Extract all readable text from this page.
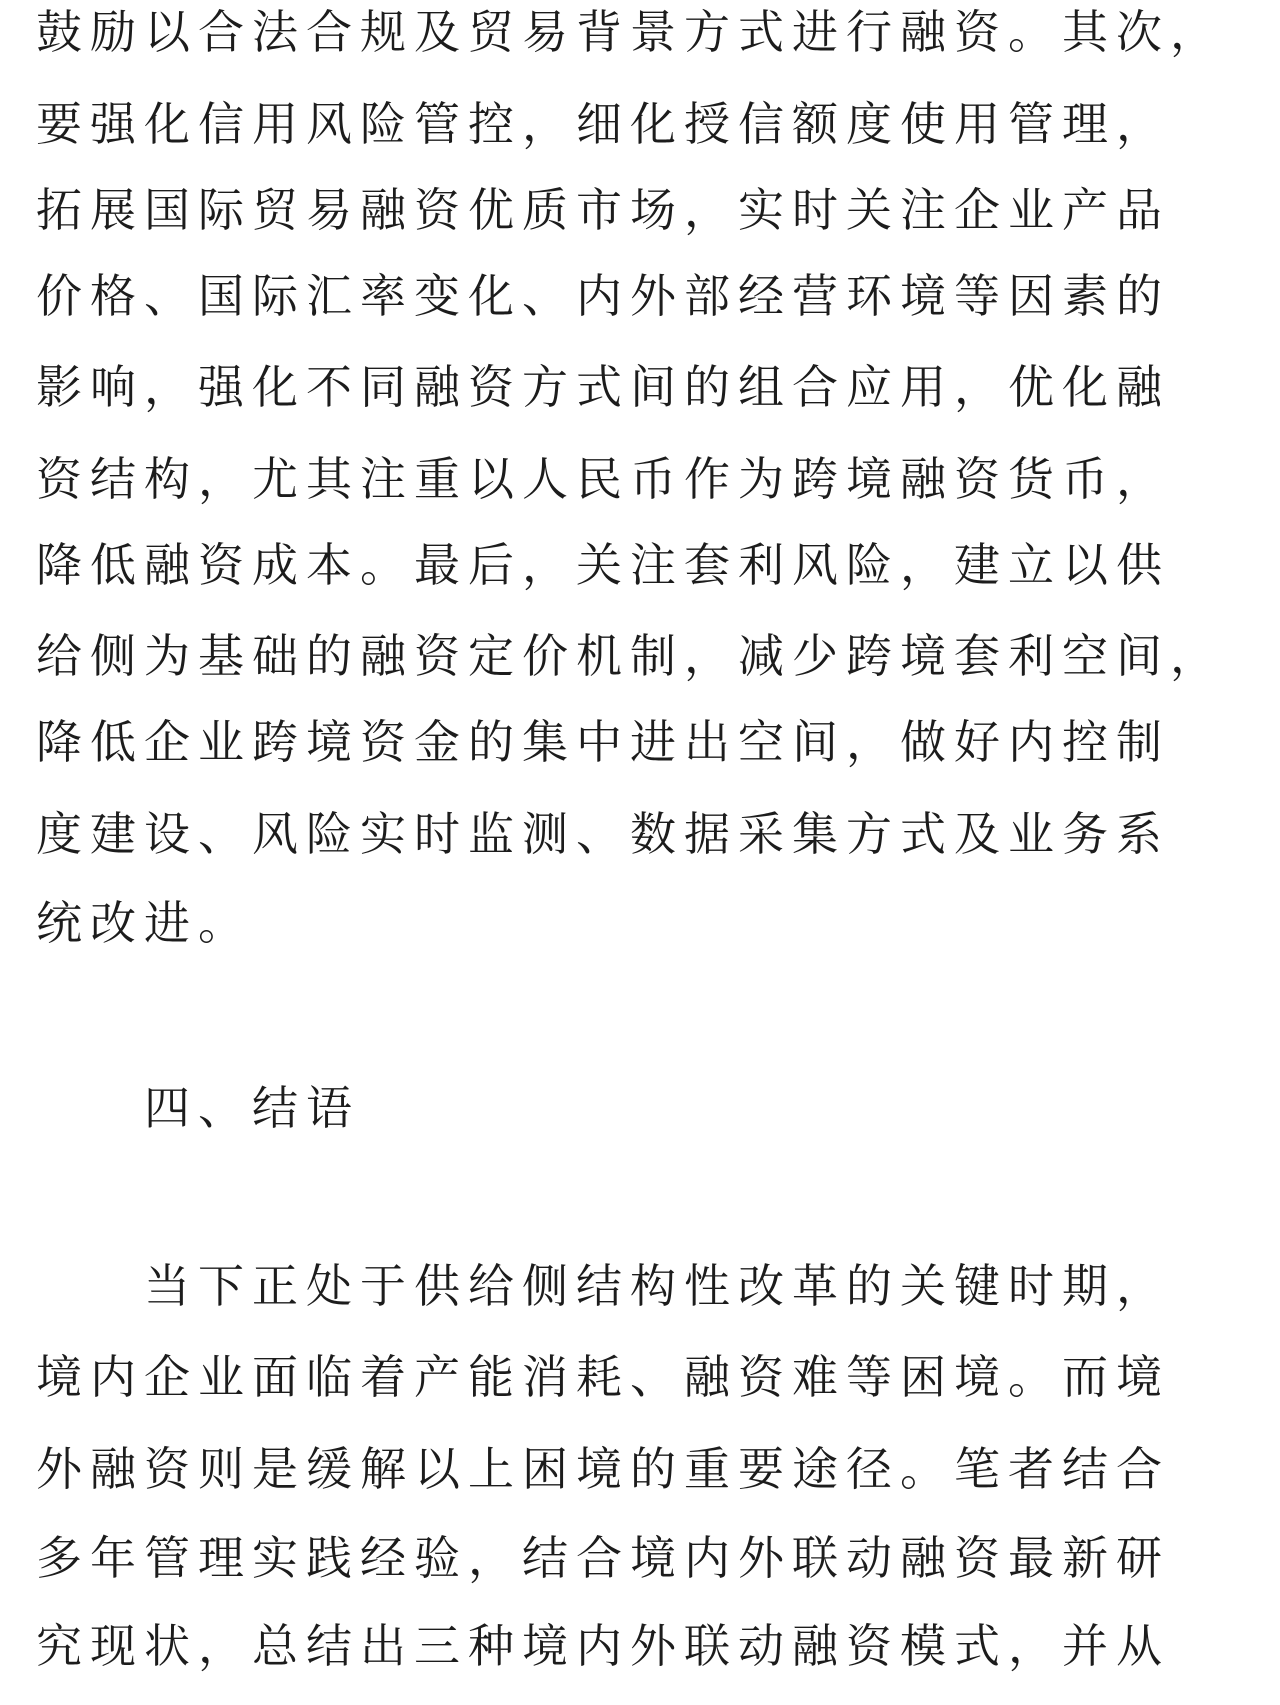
鼓励以合法合规及贸易背景方式进行融资。其次，
要强化信用风险管控，细化授信额度使用管理，
拓展国际贸易融资优质市场，实时关注企业产品
价格、国际汇率变化、内外部经营环境等因素的
影响，强化不同融资方式间的组合应用，优化融
资结构，尤其注重以人民币作为跨境融资货币，
降低融资成本。最后，关注套利风险，建立以供
给侧为基础的融资定价机制，减少跨境套利空间，
降低企业跨境资金的集中进出空间，做好内控制
度建设、风险实时监测、数据采集方式及业务系
统改进。
四、结语
当下正处于供给侧结构性改革的关键时期，
境内企业面临着产能消耗、融资难等困境。而境
外融资则是缓解以上困境的重要途径。笔者结合
多年管理实践经验，结合境内外联动融资最新研
究现状，总结出三种境内外联动融资模式，并从
